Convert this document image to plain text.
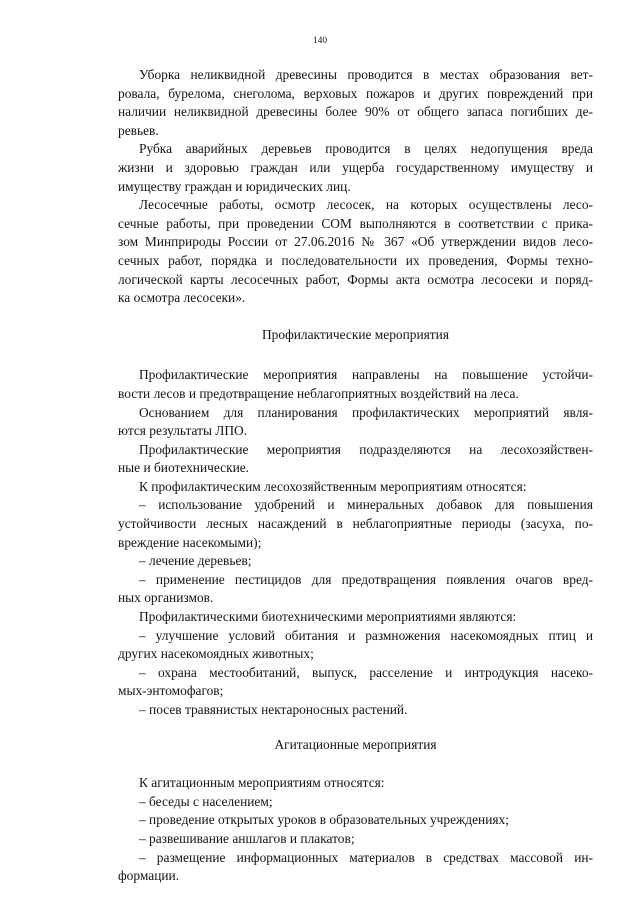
140
Уборка неликвидной древесины проводится в местах образования вет-
ровала, бурелома, снеголома, верховых пожаров и других повреждений при
наличии неликвидной древесины более 90% от общего запаса погибших де-
ревьев.
Рубка аварийных деревьев проводится в целях недопущения вреда
жизни и здоровью граждан или ущерба государственному имуществу и
имуществу граждан и юридических лиц.
Лесосечные работы, осмотр лесосек, на которых осуществлены лесо-
сечные работы, при проведении СОМ выполняются в соответствии с прика-
зом Минприроды России от 27.06.2016 № 367 «Об утверждении видов лесо-
сечных работ, порядка и последовательности их проведения, Формы техно-
логической карты лесосечных работ, Формы акта осмотра лесосеки и поряд-
ка осмотра лесосеки».
Профилактические мероприятия
Профилактические мероприятия направлены на повышение устойчи-
вости лесов и предотвращение неблагоприятных воздействий на леса.
Основанием для планирования профилактических мероприятий явля-
ются результаты ЛПО.
Профилактические мероприятия подразделяются на лесохозяйствен-
ные и биотехнические.
К профилактическим лесохозяйственным мероприятиям относятся:
– использование удобрений и минеральных добавок для повышения
устойчивости лесных насаждений в неблагоприятные периоды (засуха, по-
вреждение насекомыми);
– лечение деревьев;
– применение пестицидов для предотвращения появления очагов вред-
ных организмов.
Профилактическими биотехническими мероприятиями являются:
– улучшение условий обитания и размножения насекомоядных птиц и
других насекомоядных животных;
– охрана местообитаний, выпуск, расселение и интродукция насеко-
мых-энтомофагов;
– посев травянистых нектароносных растений.
Агитационные мероприятия
К агитационным мероприятиям относятся:
– беседы с населением;
– проведение открытых уроков в образовательных учреждениях;
– развешивание аншлагов и плакатов;
– размещение информационных материалов в средствах массовой ин-
формации.
